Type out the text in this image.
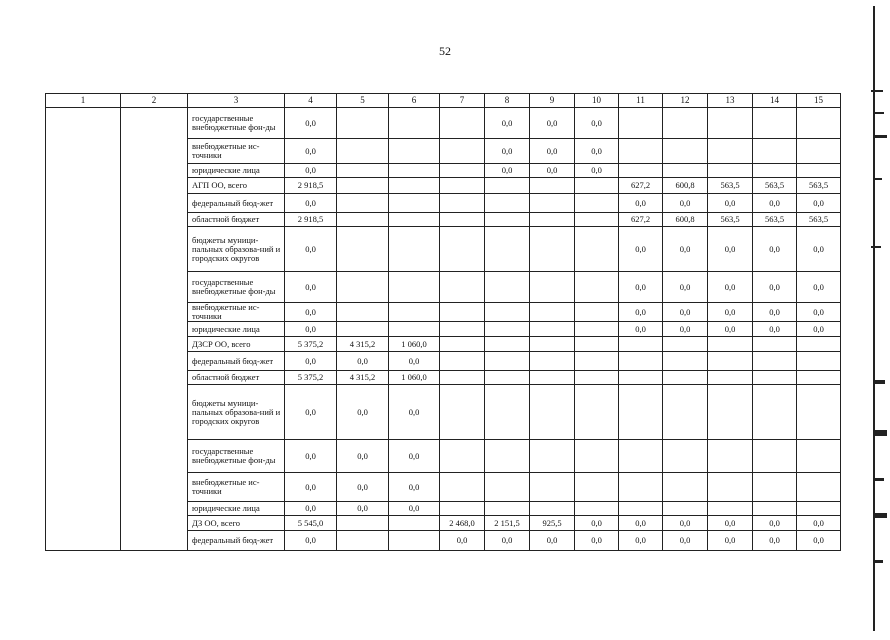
52
1	2	3	4	5	6	7	8	9	10	11	12	13	14	15
		государственные внебюджетные фон-ды	0,0				0,0	0,0	0,0					
		внебюджетные ис-точники	0,0				0,0	0,0	0,0					
		юридические лица	0,0				0,0	0,0	0,0					
		АГП ОО, всего	2 918,5							627,2	600,8	563,5	563,5	563,5
		федеральный бюд-жет	0,0							0,0	0,0	0,0	0,0	0,0
		областной бюджет	2 918,5							627,2	600,8	563,5	563,5	563,5
		бюджеты муници-пальных образова-ний и городских округов	0,0							0,0	0,0	0,0	0,0	0,0
		государственные внебюджетные фон-ды	0,0							0,0	0,0	0,0	0,0	0,0
		внебюджетные ис-точники	0,0							0,0	0,0	0,0	0,0	0,0
		юридические лица	0,0							0,0	0,0	0,0	0,0	0,0
		ДЗСР ОО, всего	5 375,2	4 315,2	1 060,0									
		федеральный бюд-жет	0,0	0,0	0,0									
		областной бюджет	5 375,2	4 315,2	1 060,0									
		бюджеты муници-пальных образова-ний и городских округов	0,0	0,0	0,0									
		государственные внебюджетные фон-ды	0,0	0,0	0,0									
		внебюджетные ис-точники	0,0	0,0	0,0									
		юридические лица	0,0	0,0	0,0									
		ДЗ ОО, всего	5 545,0			2 468,0	2 151,5	925,5	0,0	0,0	0,0	0,0	0,0	0,0
		федеральный бюд-жет	0,0			0,0	0,0	0,0	0,0	0,0	0,0	0,0	0,0	0,0
